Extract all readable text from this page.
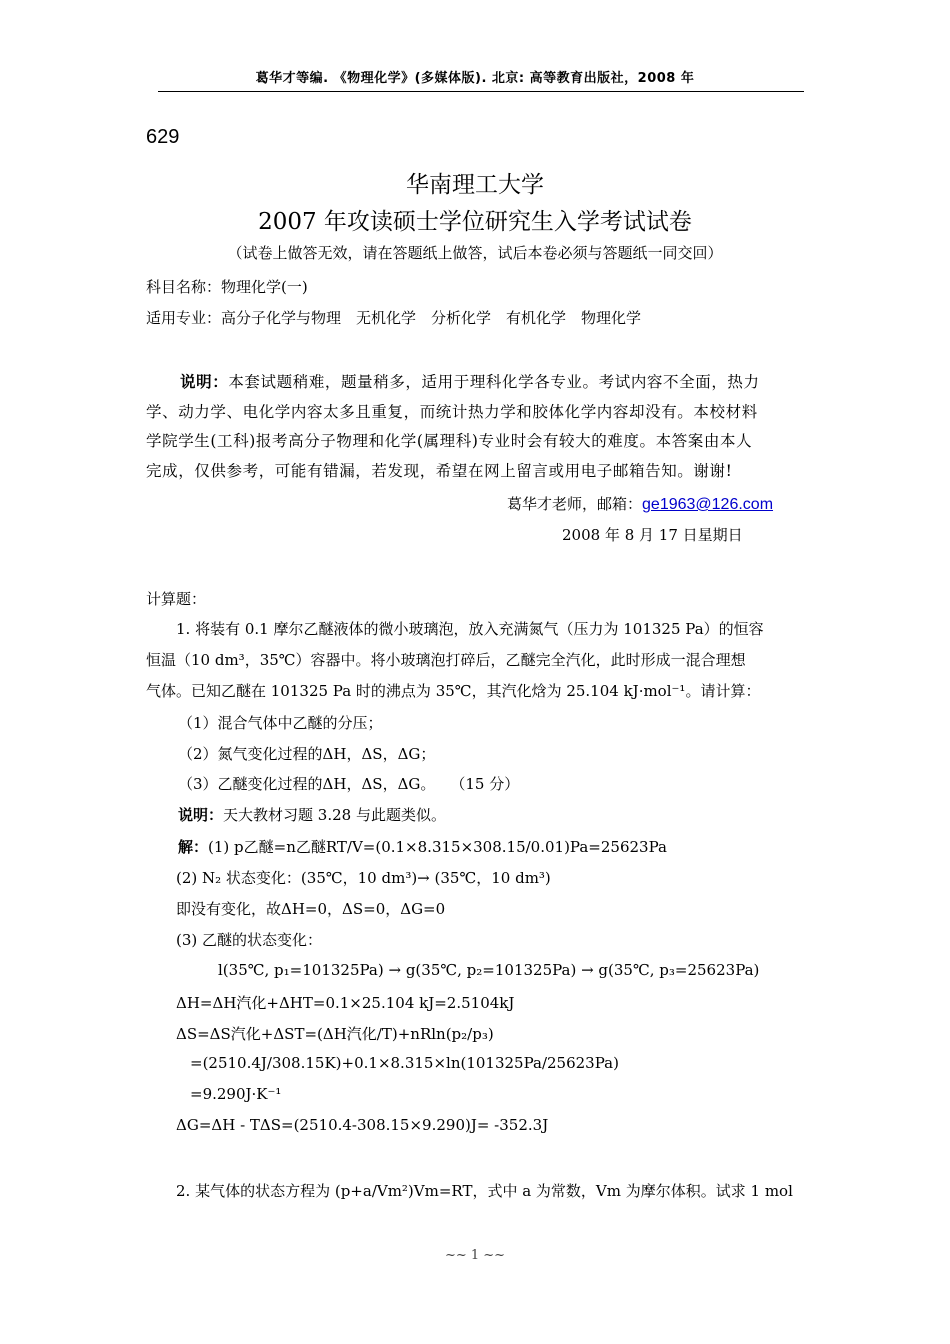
葛华才等编. 《物理化学》(多媒体版). 北京: 高等教育出版社，2008 年
629
华南理工大学
2007 年攻读硕士学位研究生入学考试试卷
（试卷上做答无效，请在答题纸上做答，试后本卷必须与答题纸一同交回）
科目名称：物理化学(一)
适用专业：高分子化学与物理　无机化学　分析化学　有机化学　物理化学
说明：本套试题稍难，题量稍多，适用于理科化学各专业。考试内容不全面，热力
学、动力学、电化学内容太多且重复，而统计热力学和胶体化学内容却没有。本校材料
学院学生(工科)报考高分子物理和化学(属理科)专业时会有较大的难度。本答案由本人
完成，仅供参考，可能有错漏，若发现，希望在网上留言或用电子邮箱告知。谢谢!
葛华才老师，邮箱：ge1963@126.com
2008 年 8 月 17 日星期日
计算题：
1. 将装有 0.1 摩尔乙醚液体的微小玻璃泡，放入充满氮气（压力为 101325 Pa）的恒容
恒温（10 dm³，35℃）容器中。将小玻璃泡打碎后，乙醚完全汽化，此时形成一混合理想
气体。已知乙醚在 101325 Pa 时的沸点为 35℃，其汽化焓为 25.104 kJ·mol⁻¹。请计算：
（1）混合气体中乙醚的分压；
（2）氮气变化过程的ΔH，ΔS，ΔG；
（3）乙醚变化过程的ΔH，ΔS，ΔG。　　（15 分）
说明：天大教材习题 3.28 与此题类似。
解：(1) p乙醚=n乙醚RT/V=(0.1×8.315×308.15/0.01)Pa=25623Pa
(2) N₂ 状态变化：(35℃，10 dm³)→ (35℃，10 dm³)
即没有变化，故ΔH=0，ΔS=0，ΔG=0
(3) 乙醚的状态变化：
l(35℃, p₁=101325Pa) → g(35℃, p₂=101325Pa) → g(35℃, p₃=25623Pa)
ΔH=ΔH汽化+ΔHT=0.1×25.104 kJ=2.5104kJ
ΔS=ΔS汽化+ΔST=(ΔH汽化/T)+nRln(p₂/p₃)
=(2510.4J/308.15K)+0.1×8.315×ln(101325Pa/25623Pa)
=9.290J·K⁻¹
ΔG=ΔH - TΔS=(2510.4-308.15×9.290)J= -352.3J
2. 某气体的状态方程为 (p+a/Vm²)Vm=RT，式中 a 为常数，Vm 为摩尔体积。试求 1 mol
~~ 1 ~~
